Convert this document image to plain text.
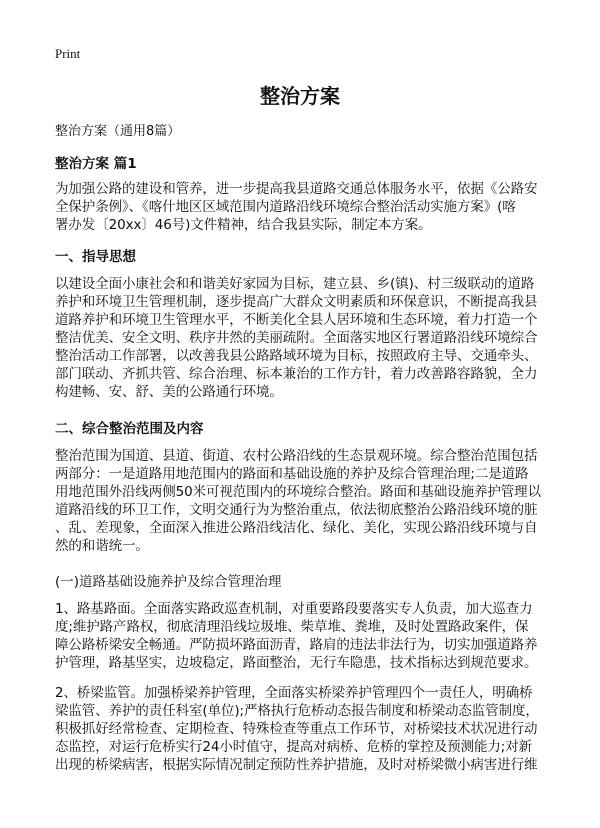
Print
整治方案
整治方案（通用8篇）
整治方案 篇1
为加强公路的建设和管养，进一步提高我县道路交通总体服务水平，依据《公路安
全保护条例》、《喀什地区区域范围内道路沿线环境综合整治活动实施方案》(喀
署办发〔20xx〕46号)文件精神，结合我县实际，制定本方案。
一、指导思想
以建设全面小康社会和和谐美好家园为目标，建立县、乡(镇)、村三级联动的道路
养护和环境卫生管理机制，逐步提高广大群众文明素质和环保意识，不断提高我县
道路养护和环境卫生管理水平，不断美化全县人居环境和生态环境，着力打造一个
整洁优美、安全文明、秩序井然的美丽疏附。全面落实地区行署道路沿线环境综合
整治活动工作部署，以改善我县公路路域环境为目标，按照政府主导、交通牵头、
部门联动、齐抓共管、综合治理、标本兼治的工作方针，着力改善路容路貌，全力
构建畅、安、舒、美的公路通行环境。
二、综合整治范围及内容
整治范围为国道、县道、街道、农村公路沿线的生态景观环境。综合整治范围包括
两部分：一是道路用地范围内的路面和基础设施的养护及综合管理治理;二是道路
用地范围外沿线两侧50米可视范围内的环境综合整治。路面和基础设施养护管理以
道路沿线的环卫工作，文明交通行为为整治重点，依法彻底整治公路沿线环境的脏
、乱、差现象，全面深入推进公路沿线洁化、绿化、美化，实现公路沿线环境与自
然的和谐统一。
(一)道路基础设施养护及综合管理治理
1、路基路面。全面落实路政巡查机制，对重要路段要落实专人负责，加大巡查力
度;维护路产路权，彻底清理沿线垃圾堆、柴草堆、粪堆，及时处置路政案件，保
障公路桥梁安全畅通。严防损坏路面沥青，路肩的违法非法行为，切实加强道路养
护管理，路基坚实，边坡稳定，路面整治，无行车隐患，技术指标达到规范要求。
2、桥梁监管。加强桥梁养护管理，全面落实桥梁养护管理四个一责任人，明确桥
梁监管、养护的责任科室(单位);严格执行危桥动态报告制度和桥梁动态监管制度，
积极抓好经常检查、定期检查、特殊检查等重点工作环节，对桥梁技术状况进行动
态监控，对运行危桥实行24小时值守，提高对病桥、危桥的掌控及预测能力;对新
出现的桥梁病害，根据实际情况制定预防性养护措施，及时对桥梁微小病害进行维
